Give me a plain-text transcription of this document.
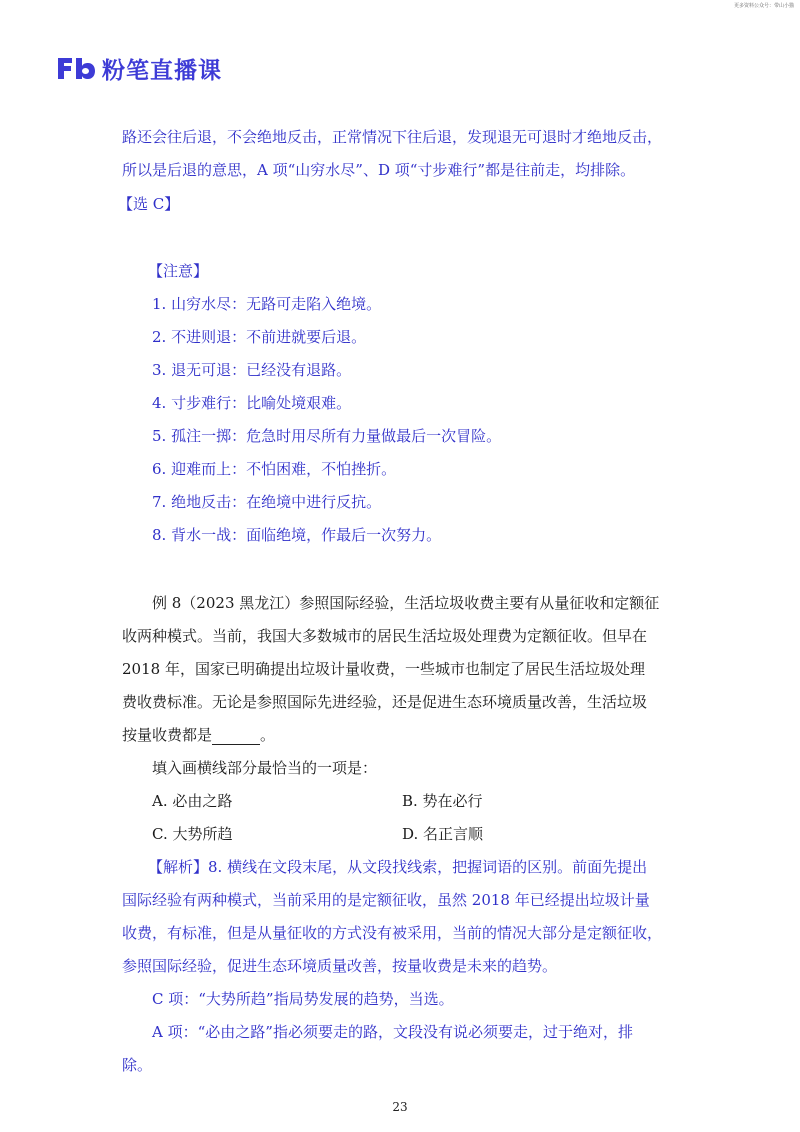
更多资料公众号：带山小猫
粉笔直播课
路还会往后退，不会绝地反击，正常情况下往后退，发现退无可退时才绝地反击，
所以是后退的意思，A 项“山穷水尽”、D 项“寸步难行”都是往前走，均排除。
【选 C】
【注意】
1. 山穷水尽：无路可走陷入绝境。
2. 不进则退：不前进就要后退。
3. 退无可退：已经没有退路。
4. 寸步难行：比喻处境艰难。
5. 孤注一掷：危急时用尽所有力量做最后一次冒险。
6. 迎难而上：不怕困难，不怕挫折。
7. 绝地反击：在绝境中进行反抗。
8. 背水一战：面临绝境，作最后一次努力。
例 8（2023 黑龙江）参照国际经验，生活垃圾收费主要有从量征收和定额征
收两种模式。当前，我国大多数城市的居民生活垃圾处理费为定额征收。但早在
2018 年，国家已明确提出垃圾计量收费，一些城市也制定了居民生活垃圾处理
费收费标准。无论是参照国际先进经验，还是促进生态环境质量改善，生活垃圾
按量收费都是	。
填入画横线部分最恰当的一项是：
A. 必由之路	B. 势在必行
C. 大势所趋	D. 名正言顺
【解析】8. 横线在文段末尾，从文段找线索，把握词语的区别。前面先提出
国际经验有两种模式，当前采用的是定额征收，虽然 2018 年已经提出垃圾计量
收费，有标准，但是从量征收的方式没有被采用，当前的情况大部分是定额征收，
参照国际经验，促进生态环境质量改善，按量收费是未来的趋势。
C 项：“大势所趋”指局势发展的趋势，当选。
A 项：“必由之路”指必须要走的路，文段没有说必须要走，过于绝对，排
除。
23
